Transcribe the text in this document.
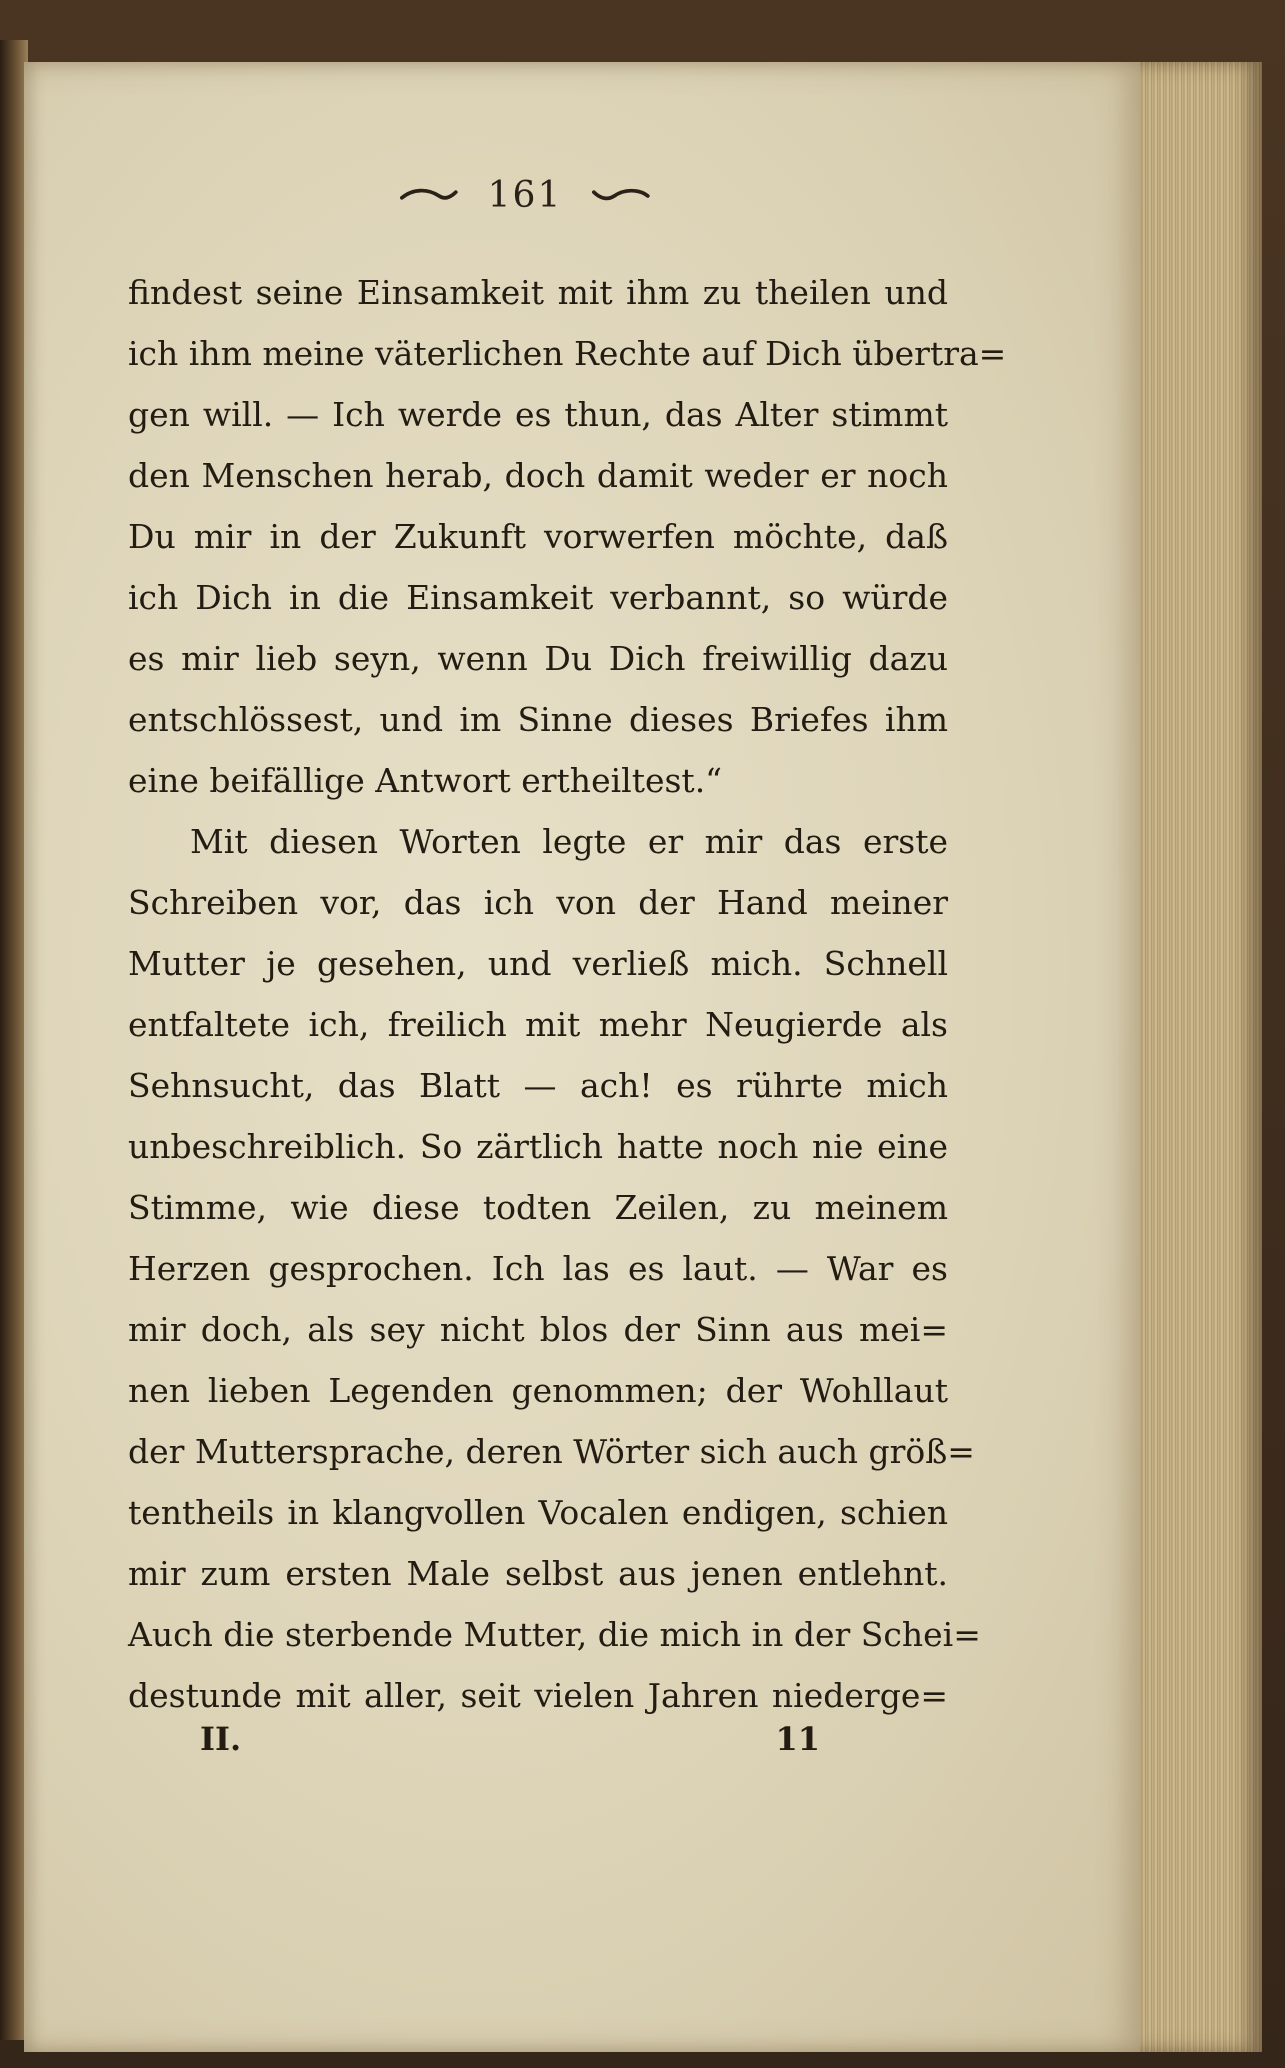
161
findest seine Einsamkeit mit ihm zu theilen und
ich ihm meine väterlichen Rechte auf Dich übertra=
gen will. — Ich werde es thun, das Alter stimmt
den Menschen herab, doch damit weder er noch
Du mir in der Zukunft vorwerfen möchte, daß
ich Dich in die Einsamkeit verbannt, so würde
es mir lieb seyn, wenn Du Dich freiwillig dazu
entschlössest, und im Sinne dieses Briefes ihm
eine beifällige Antwort ertheiltest.“
Mit diesen Worten legte er mir das erste
Schreiben vor, das ich von der Hand meiner
Mutter je gesehen, und verließ mich. Schnell
entfaltete ich, freilich mit mehr Neugierde als
Sehnsucht, das Blatt — ach! es rührte mich
unbeschreiblich. So zärtlich hatte noch nie eine
Stimme, wie diese todten Zeilen, zu meinem
Herzen gesprochen. Ich las es laut. — War es
mir doch, als sey nicht blos der Sinn aus mei=
nen lieben Legenden genommen; der Wohllaut
der Muttersprache, deren Wörter sich auch größ=
tentheils in klangvollen Vocalen endigen, schien
mir zum ersten Male selbst aus jenen entlehnt.
Auch die sterbende Mutter, die mich in der Schei=
destunde mit aller, seit vielen Jahren niederge=
II.	11
